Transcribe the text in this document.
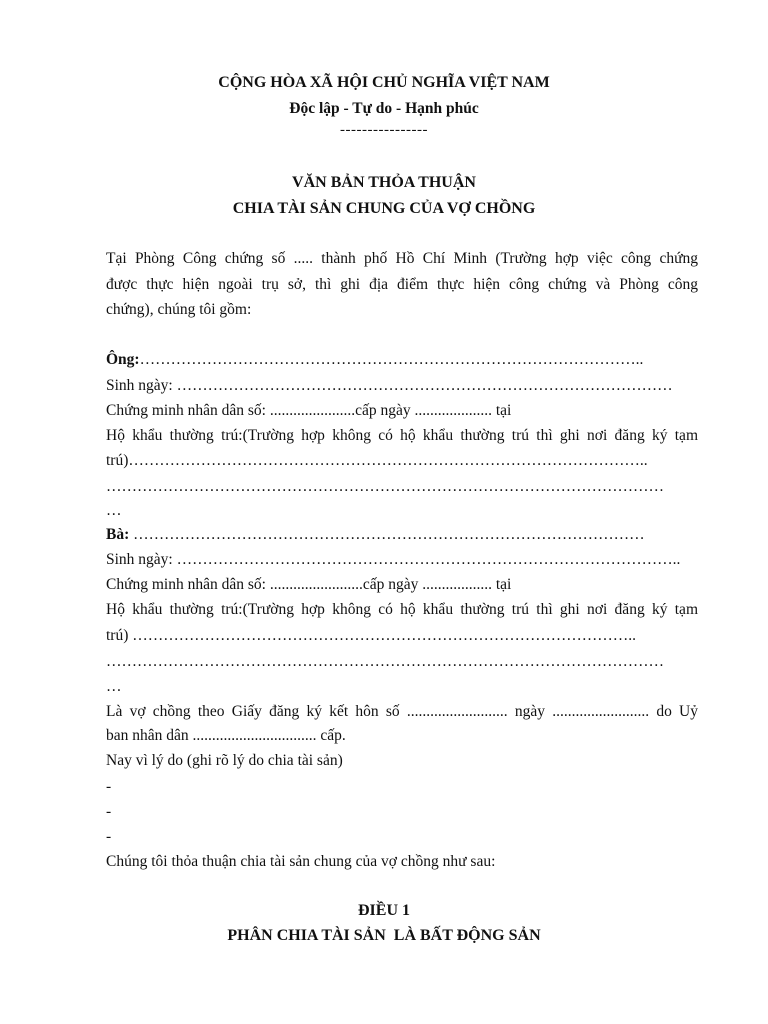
CỘNG HÒA XÃ HỘI CHỦ NGHĨA VIỆT NAM
Độc lập - Tự do - Hạnh phúc
----------------
VĂN BẢN THỎA THUẬN
CHIA TÀI SẢN CHUNG CỦA VỢ CHỒNG
Tại Phòng Công chứng số ..... thành phố Hồ Chí Minh (Trường hợp việc công chứng
được thực hiện ngoài trụ sở, thì ghi địa điểm thực hiện công chứng và Phòng công
chứng), chúng tôi gồm:
Ông:……………………………………………………………………………………..
Sinh ngày: ……………………………………………………………………………………
Chứng minh nhân dân số: ......................cấp ngày .................... tại
Hộ khẩu thường trú:(Trường hợp không có hộ khẩu thường trú thì ghi nơi đăng ký tạm
trú)………………………………………………………………………………………..
………………………………………………………………………………………………
…
Bà: ………………………………………………………………………………………
Sinh ngày: ……………………………………………………………………………………..
Chứng minh nhân dân số: ........................cấp ngày .................. tại
Hộ khẩu thường trú:(Trường hợp không có hộ khẩu thường trú thì ghi nơi đăng ký tạm
trú) ……………………………………………………………………………………..
………………………………………………………………………………………………
…
Là vợ chồng theo Giấy đăng ký kết hôn số .......................... ngày ......................... do Uỷ
ban nhân dân ................................ cấp.
Nay vì lý do (ghi rõ lý do chia tài sản)
-
-
-
Chúng tôi thỏa thuận chia tài sản chung của vợ chồng như sau:
ĐIỀU 1
PHÂN CHIA TÀI SẢN  LÀ BẤT ĐỘNG SẢN
